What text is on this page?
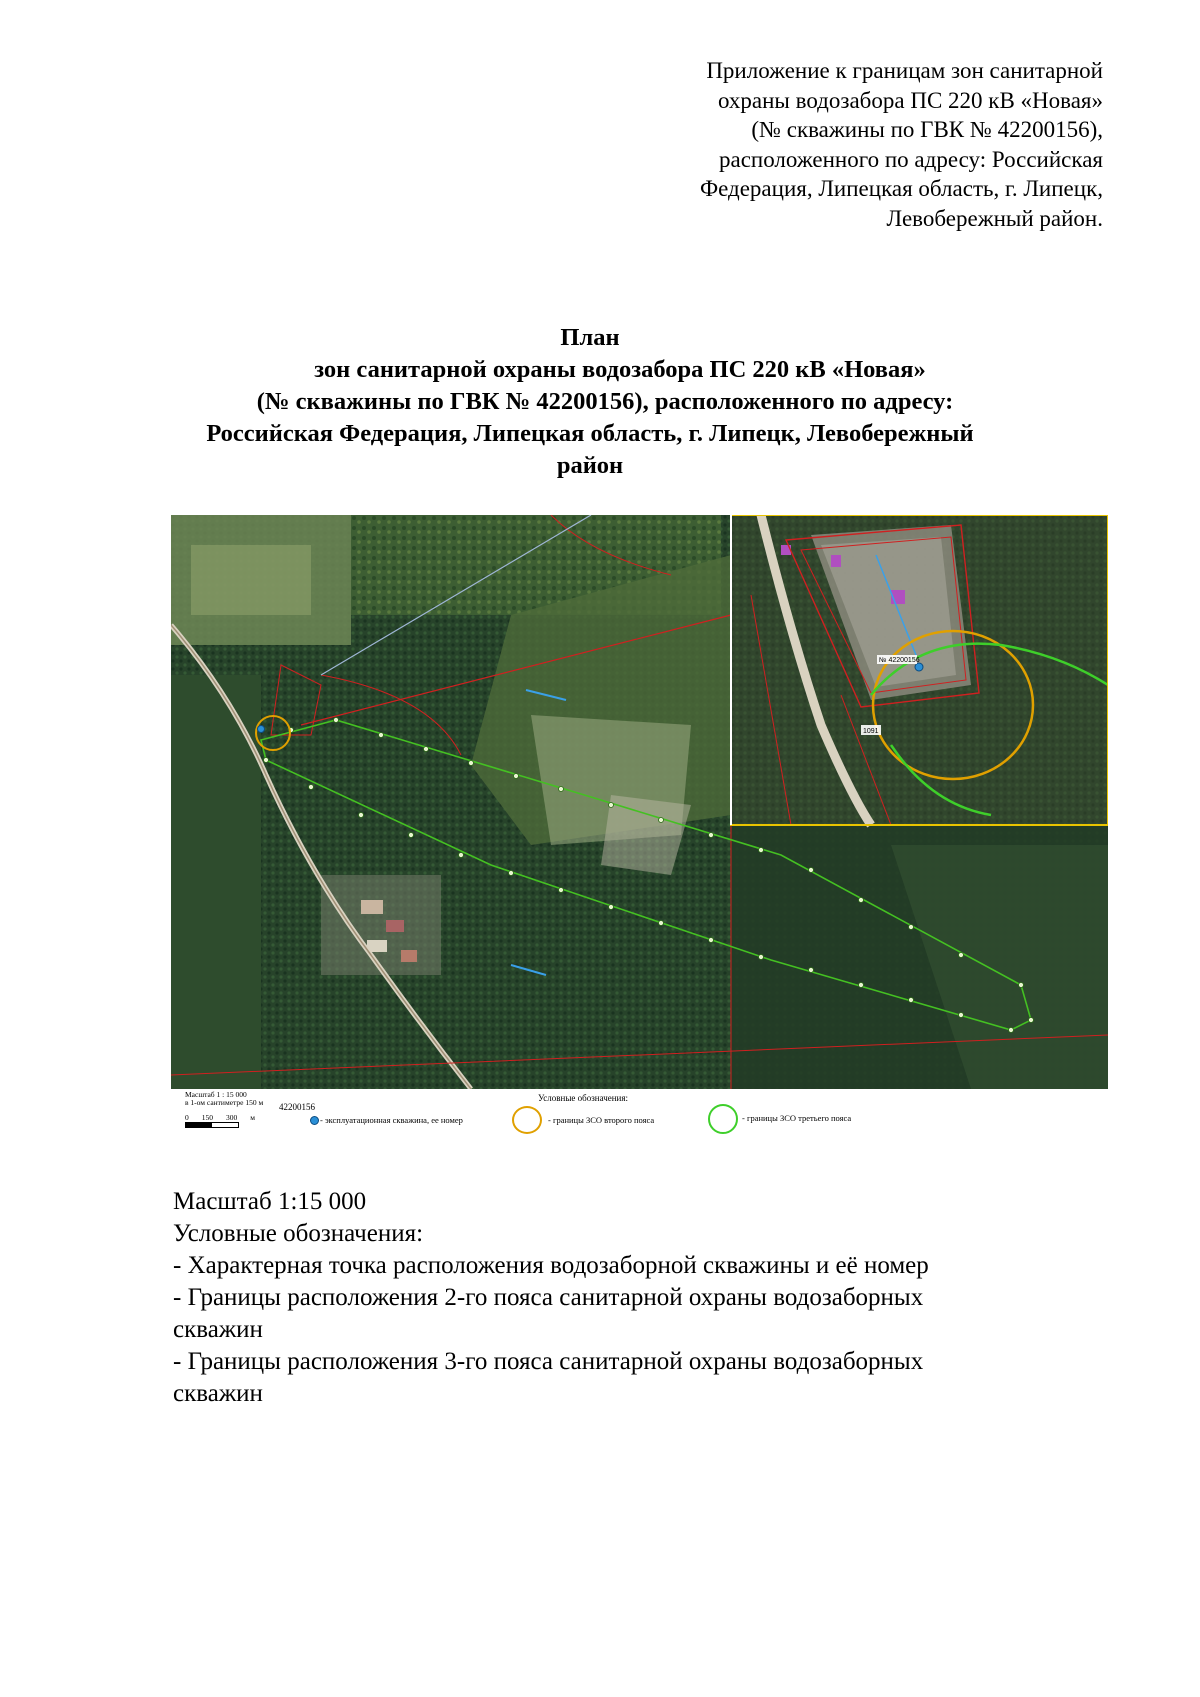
Приложение к границам зон санитарной
охраны водозабора ПС 220 кВ «Новая»
(№ скважины по ГВК № 42200156),
расположенного по адресу: Российская
Федерация, Липецкая область, г. Липецк,
Левобережный район.
План
зон санитарной охраны водозабора ПС 220 кВ «Новая»
(№ скважины по ГВК № 42200156), расположенного по адресу:
Российская Федерация, Липецкая область, г. Липецк, Левобережный
район
№ 42200156
1091
Масштаб 1 : 15 000
в 1-ом сантиметре 150 м
0 150 300 м
42200156
- эксплуатационная скважина, ее номер
Условные обозначения:
- границы ЗСО второго пояса	- границы ЗСО третьего пояса
Масштаб 1:15 000
Условные обозначения:
- Характерная точка расположения водозаборной скважины и её номер
- Границы расположения 2-го пояса санитарной охраны водозаборных
скважин
- Границы расположения 3-го пояса санитарной охраны водозаборных
скважин
